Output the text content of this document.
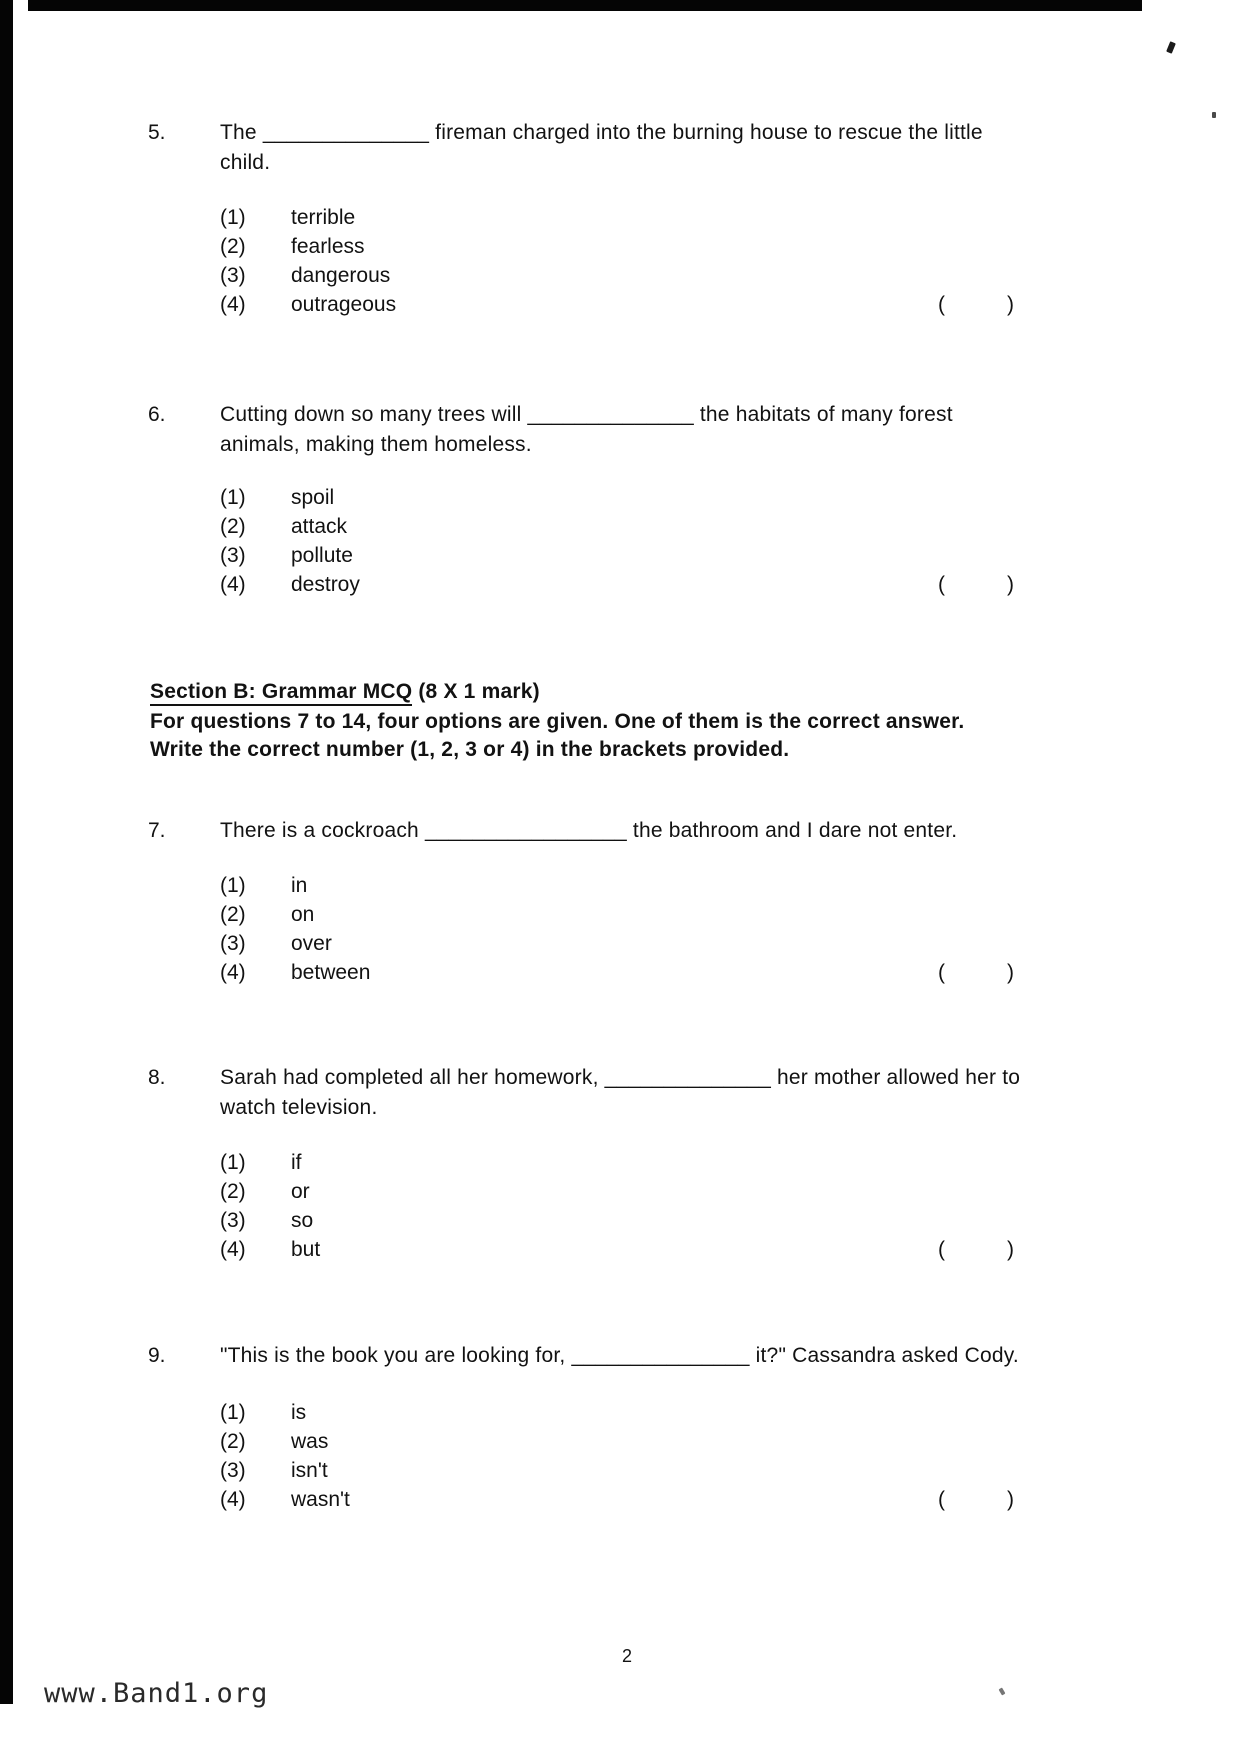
5.	The ______________ fireman charged into the burning house to rescue the little
child.
(1) terrible
(2) fearless
(3) dangerous
(4) outrageous	(	)
6.	Cutting down so many trees will ______________ the habitats of many forest
animals, making them homeless.
(1) spoil
(2) attack
(3) pollute
(4) destroy	(	)
Section B: Grammar MCQ (8 X 1 mark)
For questions 7 to 14, four options are given. One of them is the correct answer.
Write the correct number (1, 2, 3 or 4) in the brackets provided.
7.	There is a cockroach _________________ the bathroom and I dare not enter.
(1) in
(2) on
(3) over
(4) between	(	)
8.	Sarah had completed all her homework, ______________ her mother allowed her to
watch television.
(1) if
(2) or
(3) so
(4) but	(	)
9.	"This is the book you are looking for, _______________ it?" Cassandra asked Cody.
(1) is
(2) was
(3) isn't
(4) wasn't	(	)
2
www.Band1.org
